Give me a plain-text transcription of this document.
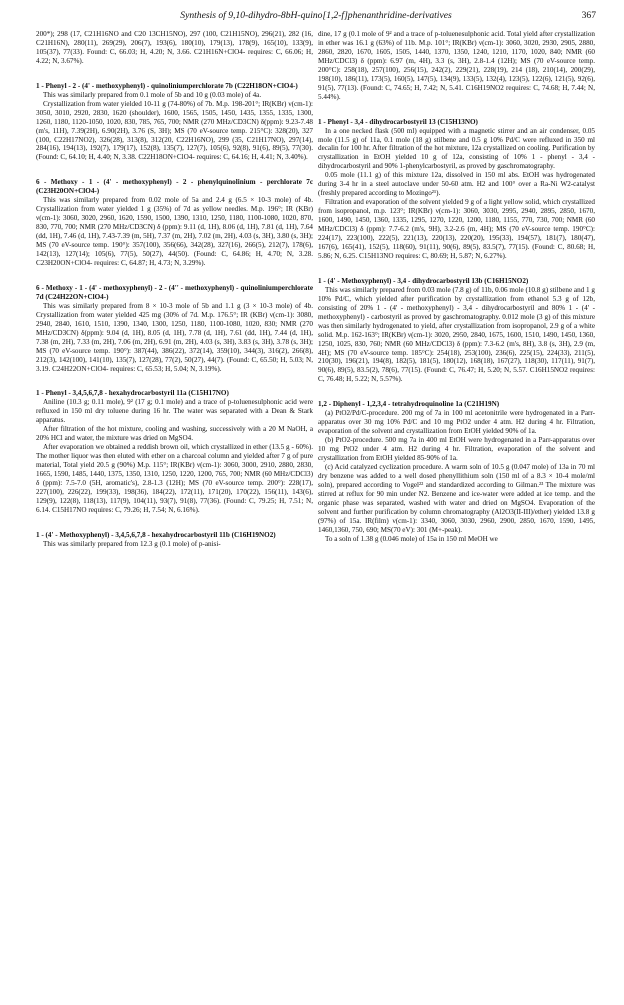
Synthesis of 9,10-dihydro-8bH-quino[1,2-f]phenanthridine-derivatives	367

200*); 298 (17, C21H16NO and C20 13CH15NO), 297 (100, C21H15NO), 296(21), 282 (16, C21H16N), 280(11), 269(29), 206(7), 193(6), 180(10), 179(13), 178(9), 165(10), 133(9), 105(37), 77(33). Found: C, 66.03; H, 4.20; N, 3.66. C21H16N+ClO4- requires: C, 66.06; H, 4.22; N, 3.67%).

1 - Phenyl - 2 - (4' - methoxyphenyl) - quinoliniumperchlorate 7b (C22H18ON+ClO4-)

This was similarly prepared from 0.1 mole of 5b and 10 g (0.03 mole) of 4a.

Crystallization from water yielded 10-11 g (74-80%) of 7b. M.p. 198-201°; IR(KBr) ν(cm-1): 3050, 3010, 2920, 2830, 1620 (shoulder), 1600, 1565, 1505, 1450, 1435, 1355, 1335, 1300, 1260, 1180, 1120-1050, 1020, 830, 785, 765, 700; NMR (270 MHz/CD3CN) δ(ppm): 9.23-7.48 (m's, 11H), 7.39(2H), 6.90(2H), 3.76 (S, 3H); MS (70 eV-source temp. 215°C): 328(20), 327 (100, C22H17NO2), 326(28), 313(8), 312(20, C22H16NO), 299 (35, C21H17NO), 297(14), 284(16), 194(13), 192(7), 179(17), 152(8), 135(7), 127(7), 105(6), 92(8), 91(6), 89(5), 77(30). (Found: C, 64.10; H, 4.40; N, 3.38. C22H18ON+ClO4- requires: C, 64.16; H, 4.41; N, 3.40%).

6 - Methoxy - 1 - (4' - methoxyphenyl) - 2 - phenylquinolinium - perchlorate 7c (C23H20ON+ClO4-)

This was similarly prepared from 0.02 mole of 5a and 2.4 g (6.5 × 10-3 mole) of 4b. Crystallization from water yielded 1 g (35%) of 7d as yellow needles. M.p. 196°; IR (KBr) ν(cm-1): 3060, 3020, 2960, 1620, 1590, 1500, 1390, 1310, 1250, 1180, 1100-1080, 1020, 870, 830, 770, 700; NMR (270 MHz/CD3CN) δ (ppm): 9.11 (d, 1H), 8.06 (d, 1H), 7.81 (d, 1H), 7.64 (dd, 1H), 7.46 (d, 1H), 7.43-7.39 (m, 5H), 7.37 (m, 2H), 7.02 (m, 2H), 4.03 (s, 3H), 3.80 (s, 3H); MS (70 eV-source temp. 190°): 357(100), 356(66), 342(28), 327(16), 266(5), 212(7), 178(6), 142(13), 127(14); 105(6), 77(5), 50(27), 44(50). (Found: C, 64.86; H, 4.70; N, 3.28. C23H20ON+ClO4- requires: C, 64.87; H, 4.73; N, 3.29%).

6 - Methoxy - 1 - (4' - methoxyphenyl) - 2 - (4'' - methoxyphenyl) - quinoliniumperchlorate 7d (C24H22ON+ClO4-)

This was similarly prepared from 8 × 10-3 mole of 5b and 1.1 g (3 × 10-3 mole) of 4b. Crystallization from water yielded 425 mg (30% of 7d. M.p. 176.5°; IR (KBr) ν(cm-1): 3080, 2940, 2840, 1610, 1510, 1390, 1340, 1300, 1250, 1180, 1100-1080, 1020, 830; NMR (270 MHz/CD3CN) δ(ppm): 9.04 (d, 1H), 8.05 (d, 1H), 7.78 (d, 1H), 7.61 (dd, 1H), 7.44 (d, 1H), 7.38 (m, 2H), 7.33 (m, 2H), 7.06 (m, 2H), 6.91 (m, 2H), 4.03 (s, 3H), 3.83 (s, 3H), 3.78 (s, 3H); MS (70 eV-source temp. 190°): 387(44), 386(22), 372(14), 359(10), 344(3), 316(2), 266(8), 212(3), 142(100), 141(10), 135(7), 127(28), 77(2), 50(27), 44(7). (Found: C, 65.50; H, 5.03; N, 3.19. C24H22ON+ClO4- requires: C, 65.53; H, 5.04; N, 3.19%).

1 - Phenyl - 3,4,5,6,7,8 - hexahydrocarbostyril 11a (C15H17NO)

Aniline (10.3 g; 0.11 mole), 9² (17 g; 0.1 mole) and a trace of p-toluenesulphonic acid were refluxed in 150 ml dry toluene during 16 hr. The water was separated with a Dean & Stark apparatus.

After filtration of the hot mixture, cooling and washing, successively with a 20 M NaOH, a 20% HCl and water, the mixture was dried on MgSO4.

After evaporation we obtained a reddish brown oil, which crystallized in ether (13.5 g - 60%). The mother liquor was then eluted with ether on a charcoal column and yielded after 7 g of pure material, Total yield 20.5 g (90%) M.p. 115°; IR(KBr) ν(cm-1): 3060, 3000, 2910, 2880, 2830, 1665, 1590, 1485, 1440, 1375, 1350, 1310, 1250, 1220, 1200, 765, 700; NMR (60 MHz/CDCl3) δ (ppm): 7.5-7.0 (5H, aromatic's), 2.8-1.3 (12H); MS (70 eV-source temp. 200°): 228(17), 227(100), 226(22), 199(33), 198(36), 184(22), 172(11), 171(20), 170(22), 156(11), 143(6), 129(9), 122(8), 118(13), 117(9), 104(11), 93(7), 91(8), 77(36). (Found: C, 79.25; H, 7.51; N, 6.14. C15H17NO requires: C, 79.26; H, 7.54; N, 6.16%).

1 - (4' - Methoxyphenyl) - 3,4,5,6,7,8 - hexahydrocarbostyril 11b (C16H19NO2)

This was similarly prepared from 12.3 g (0.1 mole) of p-anisi-

dine, 17 g (0.1 mole of 9² and a trace of p-toluenesulphonic acid. Total yield after crystallization in ether was 16.1 g (63%) of 11b. M.p. 101°; IR(KBr) ν(cm-1): 3060, 3020, 2930, 2905, 2880, 2860, 2820, 1670, 1605, 1505, 1440, 1370, 1350, 1240, 1210, 1170, 1020, 840; NMR (60 MHz/CDCl3) δ (ppm): 6.97 (m, 4H), 3.3 (s, 3H), 2.8-1.4 (12H); MS (70 eV-source temp. 200°C): 258(18), 257(100), 256(15), 242(2), 229(21), 228(19), 214 (18), 210(14), 200(29), 198(10), 186(11), 173(5), 160(5), 147(5), 134(9), 133(5), 132(4), 123(5), 122(6), 121(5), 92(6), 91(5), 77(13). (Found: C, 74.65; H, 7.42; N, 5.41. C16H19NO2 requires: C, 74.68; H, 7.44; N, 5.44%).

1 - Phenyl - 3,4 - dihydrocarbostyril 13 (C15H13NO)

In a one necked flask (500 ml) equipped with a magnetic stirrer and an air condenser, 0.05 mole (11.5 g) of 11a, 0.1 mole (18 g) stilbene and 0.5 g 10% Pd/C were refluxed in 350 ml decalin for 100 hr. After filtration of the hot mixture, 12a crystallized on cooling. Purification by crystallization in EtOH yielded 10 g of 12a, consisting of 10% 1 - phenyl - 3,4 - dihydrocarbostyril and 90% 1-phenylcarbostyril, as proved by gaschromatography.

0.05 mole (11.1 g) of this mixture 12a, dissolved in 150 ml abs. EtOH was hydrogenated during 3-4 hr in a steel autoclave under 50-60 atm. H2 and 100° over a Ra-Ni W2-catalyst (freshly prepared according to Mozingo²¹).

Filtration and evaporation of the solvent yielded 9 g of a light yellow solid, which crystallized from isopropanol, m.p. 123°; IR(KBr) ν(cm-1): 3060, 3030, 2995, 2940, 2895, 2850, 1670, 1600, 1490, 1450, 1360, 1335, 1295, 1270, 1220, 1200, 1180, 1155, 770, 730, 700; NMR (60 MHz/CDCl3) δ (ppm): 7.7-6.2 (m's, 9H), 3.2-2.6 (m, 4H); MS (70 eV-source temp. 190°C): 224(17), 223(100), 222(5), 221(13), 220(13), 220(20), 195(33), 194(57), 181(7), 180(47), 167(6), 165(41), 152(5), 118(60), 91(11), 90(6), 89(5), 83.5(7), 77(15). (Found: C, 80.68; H, 5.86; N, 6.25. C15H13NO requires: C, 80.69; H, 5.87; N, 6.27%).

1 - (4' - Methoxyphenyl) - 3,4 - dihydrocarbostyril 13b (C16H15NO2)

This was similarly prepared from 0.03 mole (7.8 g) of 11b, 0.06 mole (10.8 g) stilbene and 1 g 10% Pd/C, which yielded after purification by crystallization from ethanol 5.3 g of 12b, consisting of 20% 1 - (4' - methoxyphenyl) - 3,4 - dihydrocarbostyril and 80% 1 - (4' - methoxyphenyl) - carbostyril as proved by gaschromatography. 0.012 mole (3 g) of this mixture was then similarly hydrogenated to yield, after crystallization from isopropanol, 2.9 g of a white solid. M.p. 162-163°; IR(KBr) ν(cm-1): 3020, 2950, 2840, 1675, 1600, 1510, 1490, 1450, 1360, 1250, 1025, 830, 760; NMR (60 MHz/CDCl3) δ (ppm): 7.3-6.2 (m's, 8H), 3.8 (s, 3H), 2.9 (m, 4H); MS (70 eV-source temp. 185°C): 254(18), 253(100), 236(6), 225(15), 224(33), 211(5), 210(30), 196(21), 194(8), 182(5), 181(5), 180(12), 168(18), 167(27), 118(30), 117(11), 91(7), 90(6), 89(5), 83.5(2), 78(6), 77(15). (Found: C, 76.47; H, 5.20; N, 5.57. C16H15NO2 requires: C, 76.48; H, 5.22; N, 5.57%).

1,2 - Diphenyl - 1,2,3,4 - tetrahydroquinoline 1a (C21H19N)

(a) PtO2/Pd/C-procedure. 200 mg of 7a in 100 ml acetonitrile were hydrogenated in a Parr-apparatus over 30 mg 10% Pd/C and 10 mg PtO2 under 4 atm. H2 during 4 hr. Filtration, evaporation of the solvent and crystallization from EtOH yielded 90% of 1a.

(b) PtO2-procedure. 500 mg 7a in 400 ml EtOH were hydrogenated in a Parr-apparatus over 10 mg PtO2 under 4 atm. H2 during 4 hr. Filtration, evaporation of the solvent and crystallization from EtOH yielded 85-90% of 1a.

(c) Acid catalyzed cyclization procedure. A warm soln of 10.5 g (0.047 mole) of 13a in 70 ml dry benzene was added to a well dosed phenyllithium soln (150 ml of a 8.3 × 10-4 mole/ml soln), prepared according to Vogel²² and standardized according to Gilman.²³ The mixture was stirred at reflux for 90 min under N2. Benzene and ice-water were added at ice temp. and the organic phase was separated, washed with water and dried on MgSO4. Evaporation of the solvent and further purification by column chromatography (Al2O3(II-III)/ether) yielded 13.8 g (97%) of 15a. IR(film) ν(cm-1): 3340, 3060, 3030, 2960, 2900, 2850, 1670, 1590, 1495, 1460,1360, 750, 690; MS(70 eV): 301 (M+-peak).

To a soln of 1.38 g (0.046 mole) of 15a in 150 ml MeOH we
